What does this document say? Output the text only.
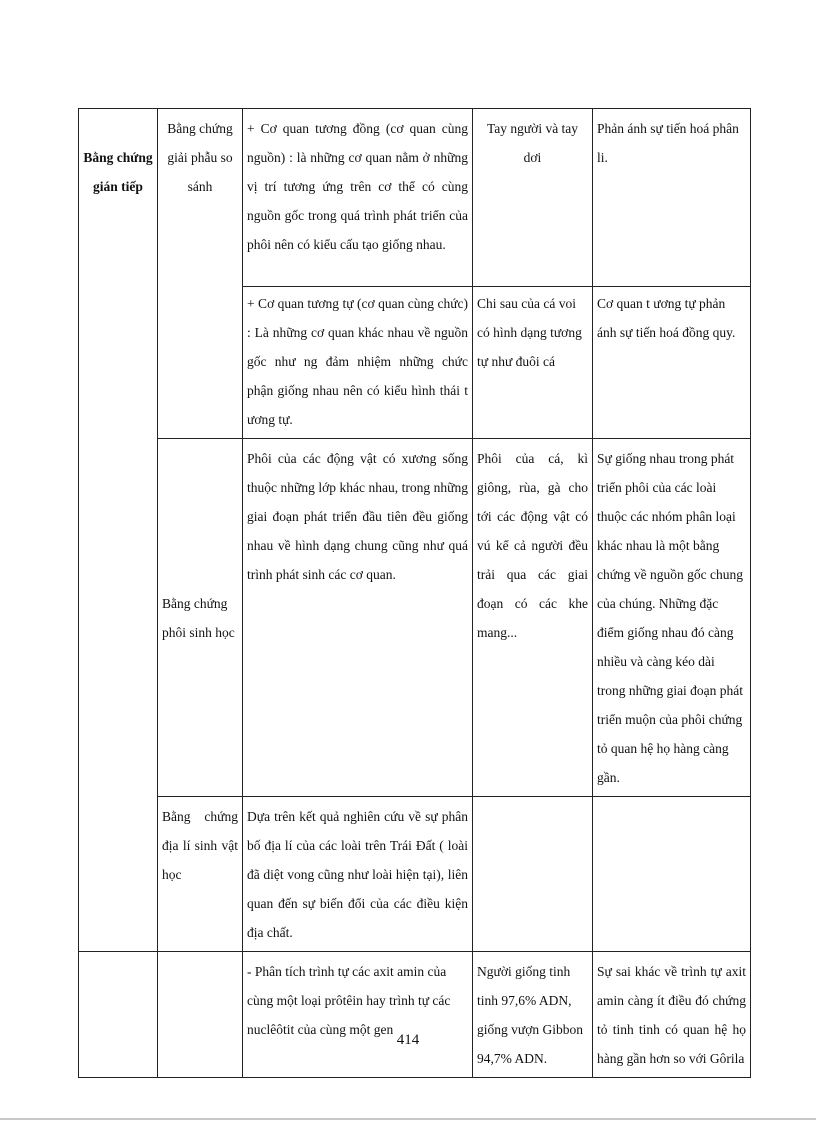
Bằng chứng gián tiếp	Bằng chứng giải phẫu so sánh	+ Cơ quan tương đồng (cơ quan cùng nguồn) : là những cơ quan nằm ở những vị trí tương ứng trên cơ thể có cùng nguồn gốc trong quá trình phát triển của phôi nên có kiểu cấu tạo giống nhau.	Tay người và tay dơi	Phản ánh sự tiến hoá phân li.

		+ Cơ quan tương tự (cơ quan cùng chức) : Là những cơ quan khác nhau về nguồn gốc như ng đảm nhiệm những chức phận giống nhau nên có kiểu hình thái t ương tự.	Chi sau của cá voi có hình dạng tương tự như đuôi cá	Cơ quan t ương tự phản ánh sự tiến hoá đồng quy.

	Bằng chứng phôi sinh học	Phôi của các động vật có xương sống thuộc những lớp khác nhau, trong những giai đoạn phát triển đầu tiên đều giống nhau về hình dạng chung cũng như quá trình phát sinh các cơ quan.	Phôi của cá, kì giông, rùa, gà cho tới các động vật có vú kể cả người đều trải qua các giai đoạn có các khe mang...	Sự giống nhau trong phát triển phôi của các loài thuộc các nhóm phân loại khác nhau là một bằng chứng về nguồn gốc chung của chúng. Những đặc điểm giống nhau đó càng nhiều và càng kéo dài trong những giai đoạn phát triển muộn của phôi chứng tỏ quan hệ họ hàng càng gần.

	Bằng chứng địa lí sinh vật học	Dựa trên kết quả nghiên cứu về sự phân bố địa lí của các loài trên Trái Đất ( loài đã diệt vong cũng như loài hiện tại), liên quan đến sự biến đổi của các điều kiện địa chất.		

		- Phân tích trình tự các axit amin của cùng một loại prôtêin hay trình tự các nuclêôtit của cùng một gen	Người giống tinh tinh 97,6% ADN, giống vượn Gibbon 94,7% ADN.	Sự sai khác về trình tự axit amin càng ít điều đó chứng tỏ tinh tinh có quan hệ họ hàng gần hơn so với Gôrila
414
